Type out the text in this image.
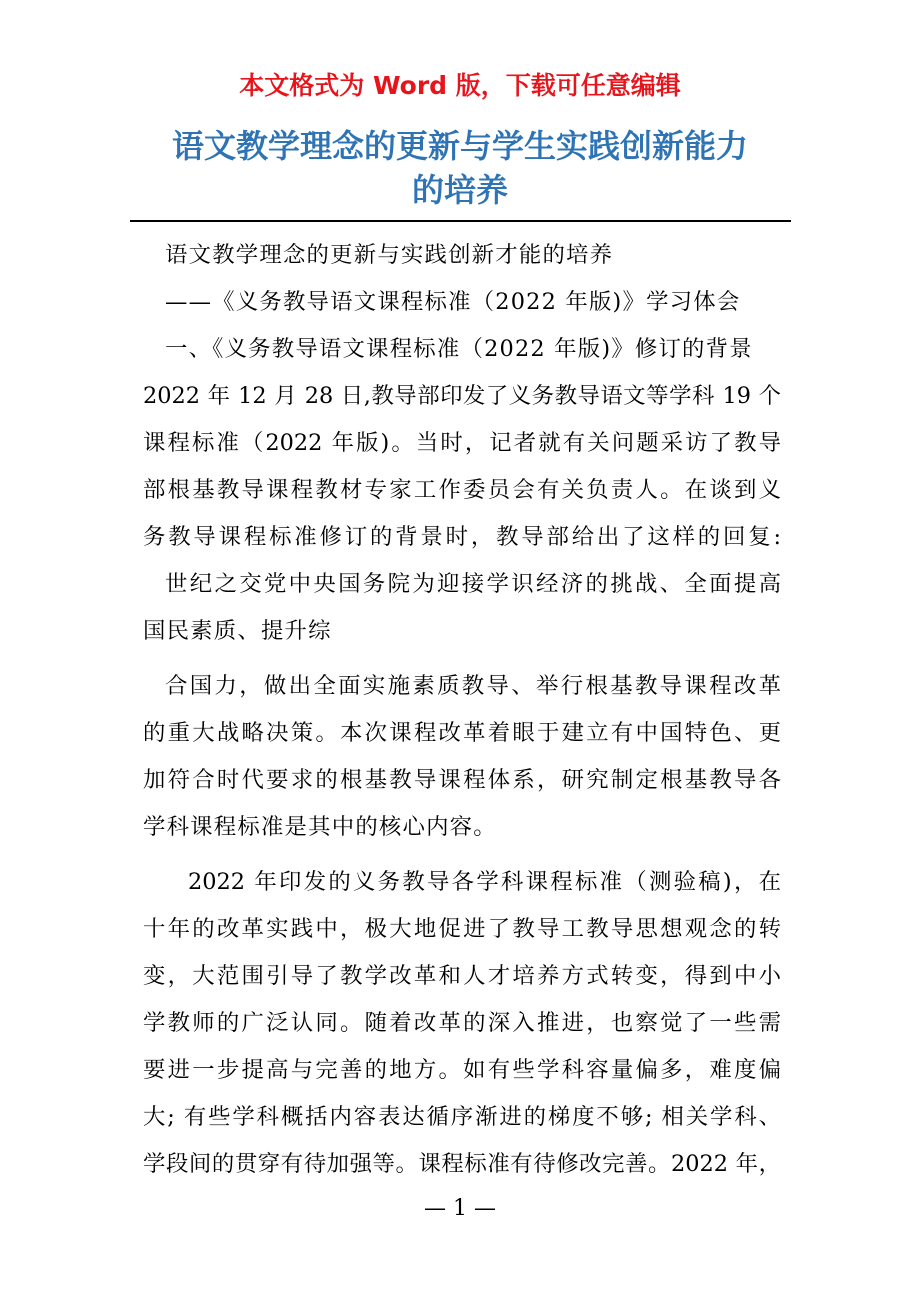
本文格式为 Word 版，下载可任意编辑
语文教学理念的更新与学生实践创新能力
的培养
语文教学理念的更新与实践创新才能的培养
——《义务教导语文课程标准（2022 年版)》学习体会
一、《义务教导语文课程标准（2022 年版)》修订的背景
2022 年 12 月 28 日,教导部印发了义务教导语文等学科 19 个
课程标准（2022 年版)。当时，记者就有关问题采访了教导
部根基教导课程教材专家工作委员会有关负责人。在谈到义
务教导课程标准修订的背景时，教导部给出了这样的回复:
世纪之交党中央国务院为迎接学识经济的挑战、全面提高
国民素质、提升综
合国力，做出全面实施素质教导、举行根基教导课程改革
的重大战略决策。本次课程改革着眼于建立有中国特色、更
加符合时代要求的根基教导课程体系，研究制定根基教导各
学科课程标准是其中的核心内容。
2022 年印发的义务教导各学科课程标准（测验稿)，在
十年的改革实践中，极大地促进了教导工教导思想观念的转
变，大范围引导了教学改革和人才培养方式转变，得到中小
学教师的广泛认同。随着改革的深入推进，也察觉了一些需
要进一步提高与完善的地方。如有些学科容量偏多，难度偏
大; 有些学科概括内容表达循序渐进的梯度不够; 相关学科、
学段间的贯穿有待加强等。课程标准有待修改完善。2022 年，
— 1 —
